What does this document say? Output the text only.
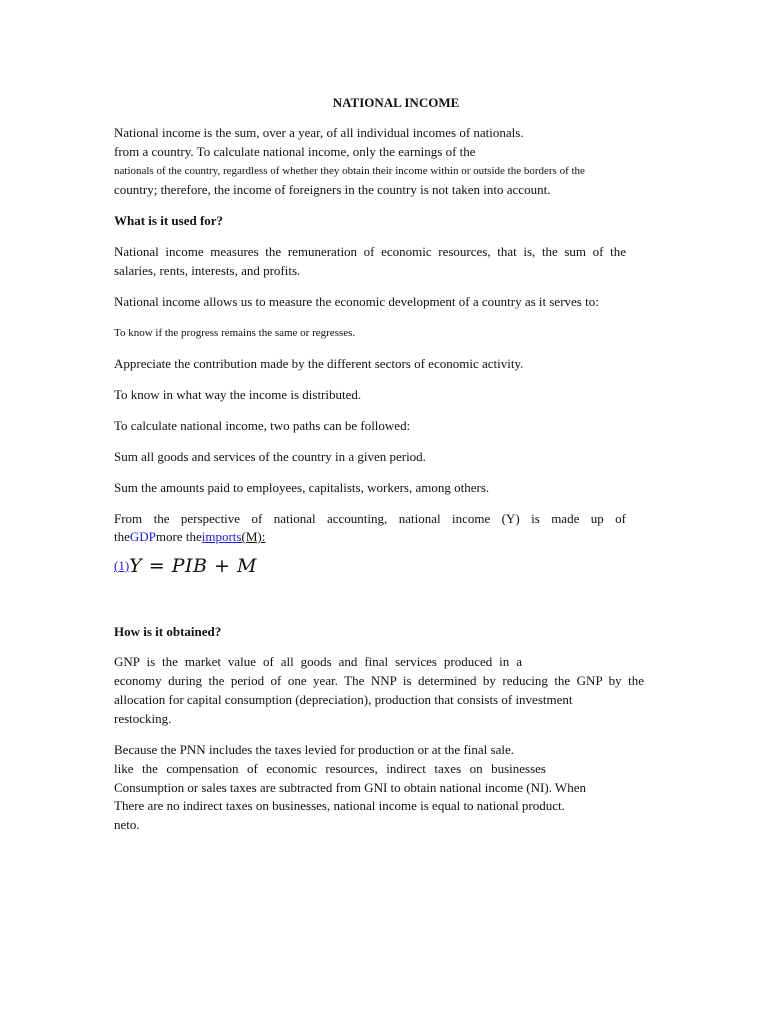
NATIONAL INCOME
National income is the sum, over a year, of all individual incomes of nationals.
from a country. To calculate national income, only the earnings of the
nationals of the country, regardless of whether they obtain their income within or outside the borders of the
country; therefore, the income of foreigners in the country is not taken into account.
What is it used for?
National income measures the remuneration of economic resources, that is, the sum of the
salaries, rents, interests, and profits.
National income allows us to measure the economic development of a country as it serves to:
To know if the progress remains the same or regresses.
Appreciate the contribution made by the different sectors of economic activity.
To know in what way the income is distributed.
To calculate national income, two paths can be followed:
Sum all goods and services of the country in a given period.
Sum the amounts paid to employees, capitalists, workers, among others.
From the perspective of national accounting, national income (Y) is made up of
theGDPmore theimports(M):
(1)Y = PIB + M
How is it obtained?
GNP is the market value of all goods and final services produced in a
economy during the period of one year. The NNP is determined by reducing the GNP by the
allocation for capital consumption (depreciation), production that consists of investment
restocking.
Because the PNN includes the taxes levied for production or at the final sale.
like the compensation of economic resources, indirect taxes on businesses
Consumption or sales taxes are subtracted from GNI to obtain national income (NI). When
There are no indirect taxes on businesses, national income is equal to national product.
neto.
